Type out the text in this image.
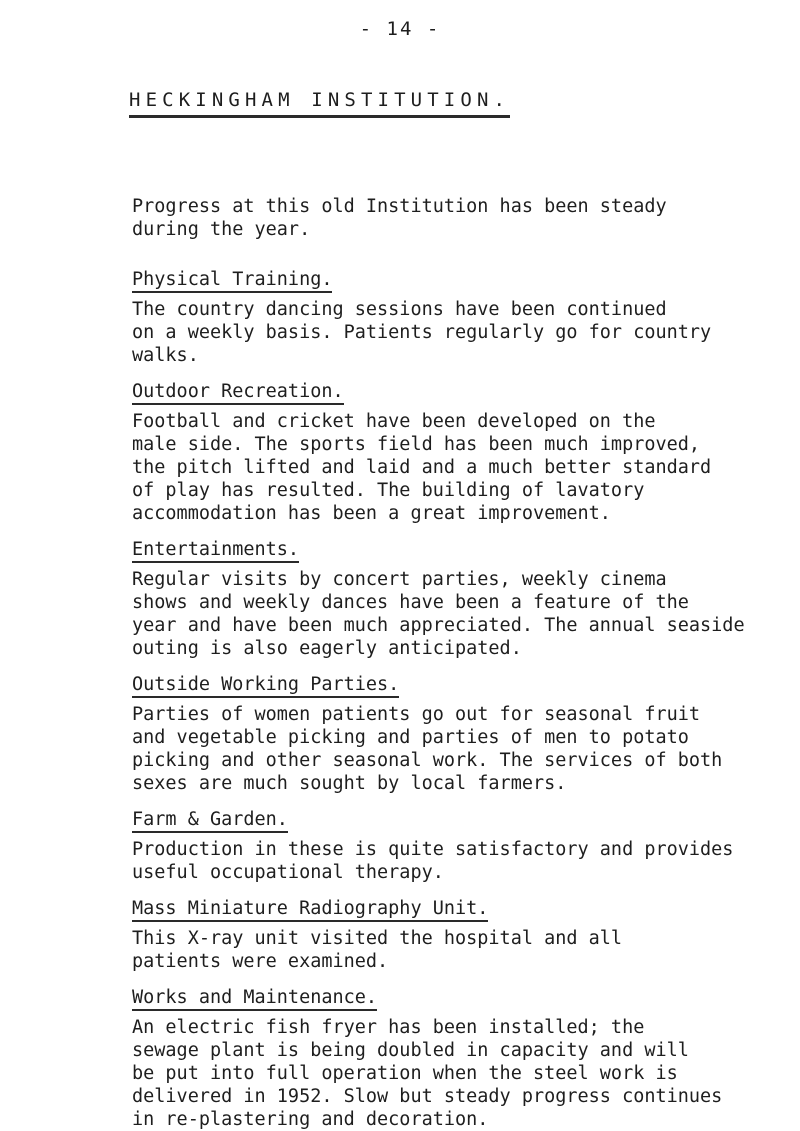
- 14 -
HECKINGHAM INSTITUTION.

Progress at this old Institution has been steady

during the year.

Physical Training.

The country dancing sessions have been continued

on a weekly basis. Patients regularly go for country

walks.

Outdoor Recreation.

Football and cricket have been developed on the

male side. The sports field has been much improved,

the pitch lifted and laid and a much better standard

of play has resulted. The building of lavatory

accommodation has been a great improvement.

Entertainments.

Regular visits by concert parties, weekly cinema

shows and weekly dances have been a feature of the

year and have been much appreciated. The annual seaside

outing is also eagerly anticipated.

Outside Working Parties.

Parties of women patients go out for seasonal fruit

and vegetable picking and parties of men to potato

picking and other seasonal work. The services of both

sexes are much sought by local farmers.

Farm & Garden.

Production in these is quite satisfactory and provides

useful occupational therapy.

Mass Miniature Radiography Unit.

This X-ray unit visited the hospital and all

patients were examined.

Works and Maintenance.

An electric fish fryer has been installed; the

sewage plant is being doubled in capacity and will

be put into full operation when the steel work is

delivered in 1952. Slow but steady progress continues

in re-plastering and decoration.
